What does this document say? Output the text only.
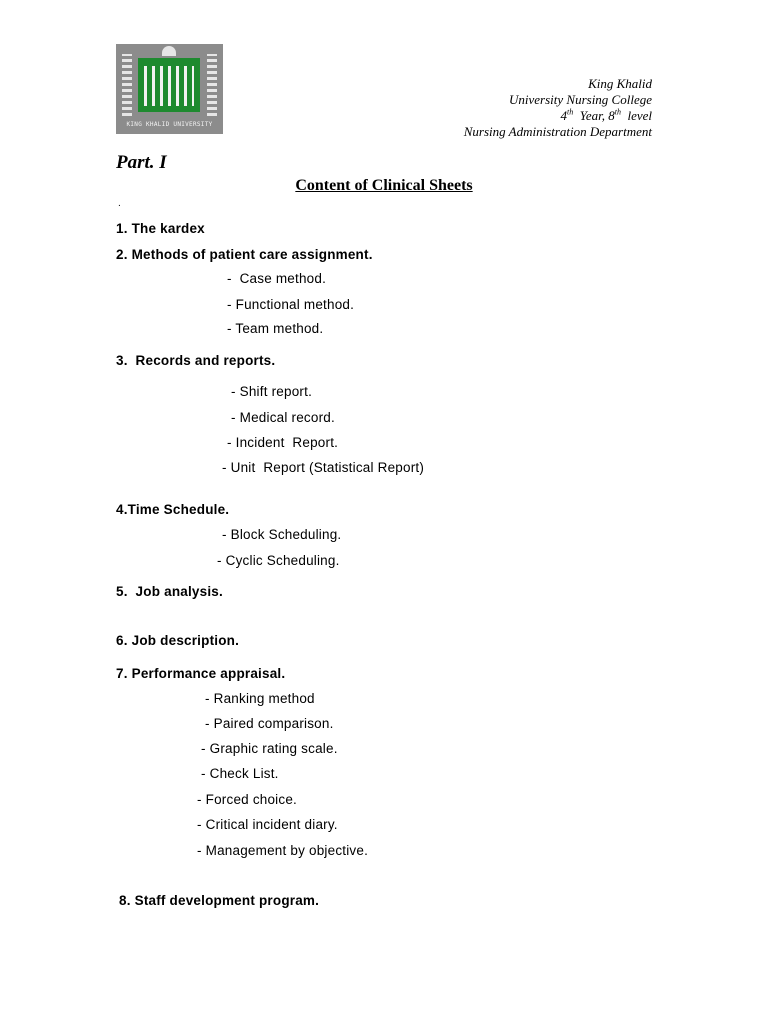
KING KHALID UNIVERSITY
King Khalid
University Nursing College
4th  Year, 8th  level
Nursing Administration Department
Part. I
Content of Clinical Sheets
.
1. The kardex
2. Methods of patient care assignment.
-  Case method.
- Functional method.
- Team method.
3.  Records and reports.
- Shift report.
- Medical record.
- Incident  Report.
- Unit  Report (Statistical Report)
4.Time Schedule.
- Block Scheduling.
- Cyclic Scheduling.
5.  Job analysis.
6. Job description.
7. Performance appraisal.
- Ranking method
- Paired comparison.
- Graphic rating scale.
- Check List.
- Forced choice.
- Critical incident diary.
- Management by objective.
8. Staff development program.
